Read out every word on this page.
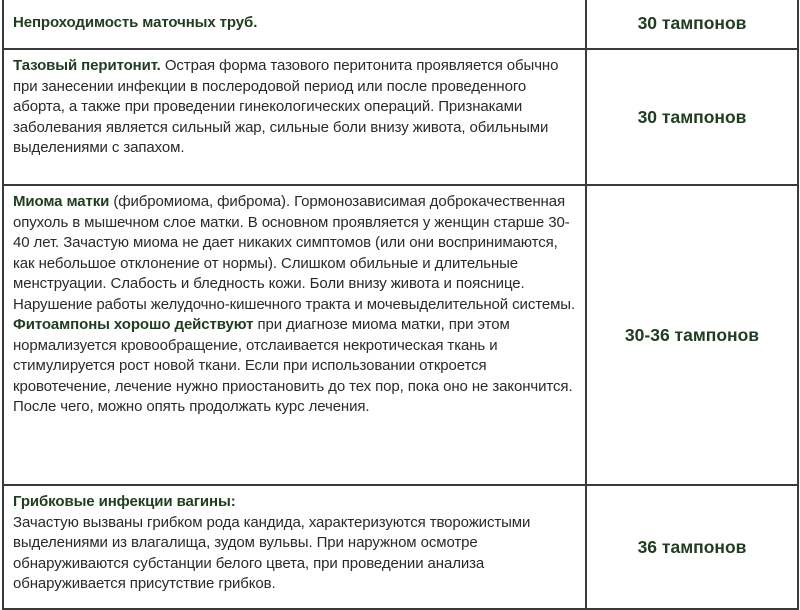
Непроходимость маточных труб.	30 тампонов
Тазовый перитонит. Острая форма тазового перитонита проявляется обычно при занесении инфекции в послеродовой период или после проведенного аборта, а также при проведении гинекологических операций. Признаками заболевания является сильный жар, сильные боли внизу живота, обильными выделениями с запахом.
30 тампонов
Миома матки (фибромиома, фиброма). Гормонозависимая доброкачественная опухоль в мышечном слое матки. В основном проявляется у женщин старше 30-40 лет. Зачастую миома не дает никаких симптомов (или они воспринимаются, как небольшое отклонение от нормы). Слишком обильные и длительные менструации. Слабость и бледность кожи. Боли внизу живота и пояснице. Нарушение работы желудочно-кишечного тракта и мочевыделительной системы. Фитоампоны хорошо действуют при диагнозе миома матки, при этом нормализуется кровообращение, отслаивается некротическая ткань и стимулируется рост новой ткани. Если при использовании откроется кровотечение, лечение нужно приостановить до тех пор, пока оно не закончится. После чего, можно опять продолжать курс лечения.
30-36 тампонов
Грибковые инфекции вагины:
Зачастую вызваны грибком рода кандида, характеризуются творожистыми выделениями из влагалища, зудом вульвы. При наружном осмотре обнаруживаются субстанции белого цвета, при проведении анализа обнаруживается присутствие грибков.
36 тампонов
